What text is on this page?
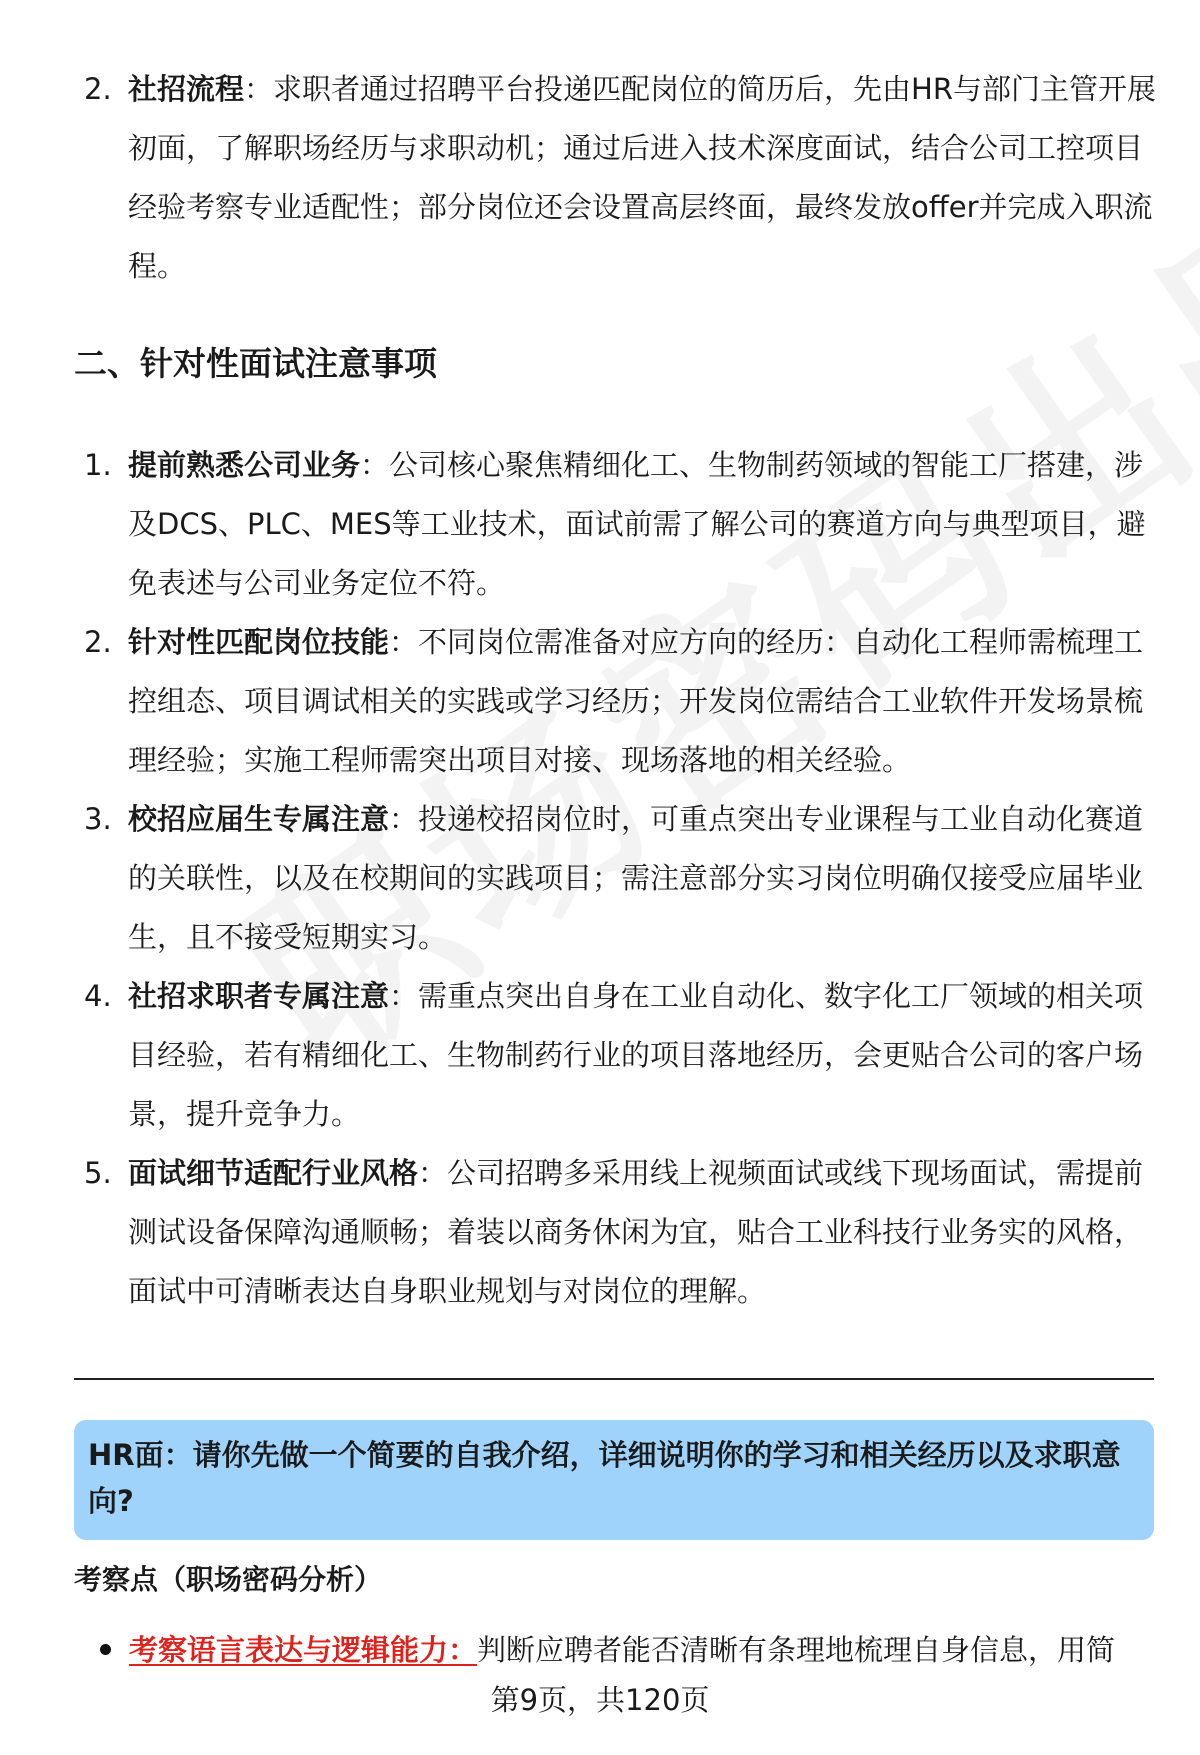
2. 社招流程：求职者通过招聘平台投递匹配岗位的简历后，先由HR与部门主管开展初面，了解职场经历与求职动机；通过后进入技术深度面试，结合公司工控项目经验考察专业适配性；部分岗位还会设置高层终面，最终发放offer并完成入职流程。
二、针对性面试注意事项
1. 提前熟悉公司业务：公司核心聚焦精细化工、生物制药领域的智能工厂搭建，涉及DCS、PLC、MES等工业技术，面试前需了解公司的赛道方向与典型项目，避免表述与公司业务定位不符。
2. 针对性匹配岗位技能：不同岗位需准备对应方向的经历：自动化工程师需梳理工控组态、项目调试相关的实践或学习经历；开发岗位需结合工业软件开发场景梳理经验；实施工程师需突出项目对接、现场落地的相关经验。
3. 校招应届生专属注意：投递校招岗位时，可重点突出专业课程与工业自动化赛道的关联性，以及在校期间的实践项目；需注意部分实习岗位明确仅接受应届毕业生，且不接受短期实习。
4. 社招求职者专属注意：需重点突出自身在工业自动化、数字化工厂领域的相关项目经验，若有精细化工、生物制药行业的项目落地经历，会更贴合公司的客户场景，提升竞争力。
5. 面试细节适配行业风格：公司招聘多采用线上视频面试或线下现场面试，需提前测试设备保障沟通顺畅；着装以商务休闲为宜，贴合工业科技行业务实的风格，面试中可清晰表达自身职业规划与对岗位的理解。
HR面：请你先做一个简要的自我介绍，详细说明你的学习和相关经历以及求职意向?
考察点（职场密码分析）
考察语言表达与逻辑能力：判断应聘者能否清晰有条理地梳理自身信息，用简
第9页，共120页
